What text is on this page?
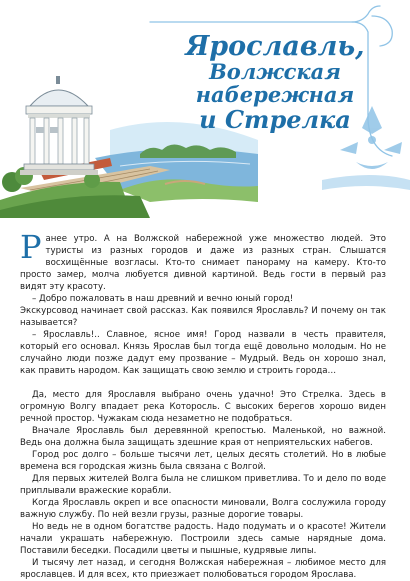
Ярославль,
Волжская набережная
и Стрелка

Ранее утро. А на Волжской набережной уже множество людей. Это туристы из разных городов и даже из разных стран. Слышатся восхищённые возгласы. Кто-то снимает панораму на камеру. Кто-то просто замер, молча любуется дивной картиной. Ведь гости в первый раз видят эту красоту.

– Добро пожаловать в наш древний и вечно юный город!

Экскурсовод начинает свой рассказ. Как появился Ярославль? И почему он так называется?

– Ярославль!.. Славное, ясное имя! Город назвали в честь правителя, который его основал. Князь Ярослав был тогда ещё довольно молодым. Но не случайно люди позже дадут ему прозвание – Мудрый. Ведь он хорошо знал, как править народом. Как защищать свою землю и строить города…

Да, место для Ярославля выбрано очень удачно! Это Стрелка. Здесь в огромную Волгу впадает река Которосль. С высоких берегов хорошо виден речной простор. Чужакам сюда незаметно не подобраться.

Вначале Ярославль был деревянной крепостью. Маленькой, но важной. Ведь она должна была защищать здешние края от неприятельских набегов.

Город рос долго – больше тысячи лет, целых десять столетий. Но в любые времена вся городская жизнь была связана с Волгой.

Для первых жителей Волга была не слишком приветлива. То и дело по воде приплывали вражеские корабли.

Когда Ярославль окреп и все опасности миновали, Волга сослужила городу важную службу. По ней везли грузы, разные дорогие товары.

Но ведь не в одном богатстве радость. Надо подумать и о красоте! Жители начали украшать набережную. Построили здесь самые нарядные дома. Поставили беседки. Посадили цветы и пышные, кудрявые липы.

И тысячу лет назад, и сегодня Волжская набережная – любимое место для ярославцев. И для всех, кто приезжает полюбоваться городом Ярослава.
